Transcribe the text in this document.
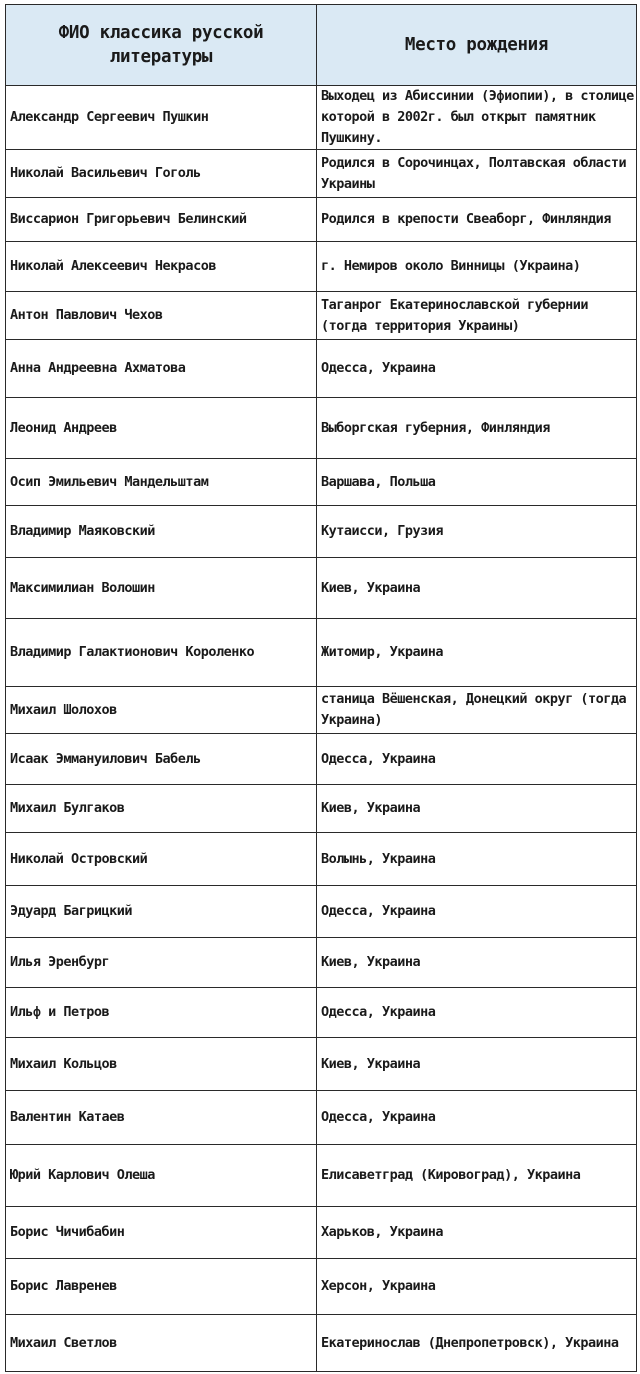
ФИО классика русской литературы	Место рождения
Александр Сергеевич Пушкин	Выходец из Абиссинии (Эфиопии), в столице которой в 2002г. был открыт памятник Пушкину.
Николай Васильевич Гоголь	Родился в Сорочинцах, Полтавская области Украины
Виссарион Григорьевич Белинский	Родился в крепости Свеаборг, Финляндия
Николай Алексеевич Некрасов	г. Немиров около Винницы (Украина)
Антон Павлович Чехов	Таганрог Екатеринославской губернии (тогда территория Украины)
Анна Андреевна Ахматова	Одесса, Украина
Леонид Андреев	Выборгская губерния, Финляндия
Осип Эмильевич Мандельштам	Варшава, Польша
Владимир Маяковский	Кутаисси, Грузия
Максимилиан Волошин	Киев, Украина
Владимир Галактионович Короленко	Житомир, Украина
Михаил Шолохов	станица Вёшенская, Донецкий округ (тогда Украина)
Исаак Эммануилович Бабель	Одесса, Украина
Михаил Булгаков	Киев, Украина
Николай Островский	Волынь, Украина
Эдуард Багрицкий	Одесса, Украина
Илья Эренбург	Киев, Украина
Ильф и Петров	Одесса, Украина
Михаил Кольцов	Киев, Украина
Валентин Катаев	Одесса, Украина
Юрий Карлович Олеша	Елисаветград (Кировоград), Украина
Борис Чичибабин	Харьков, Украина
Борис Лавренев	Херсон, Украина
Михаил Светлов	Екатеринослав (Днепропетровск), Украина
